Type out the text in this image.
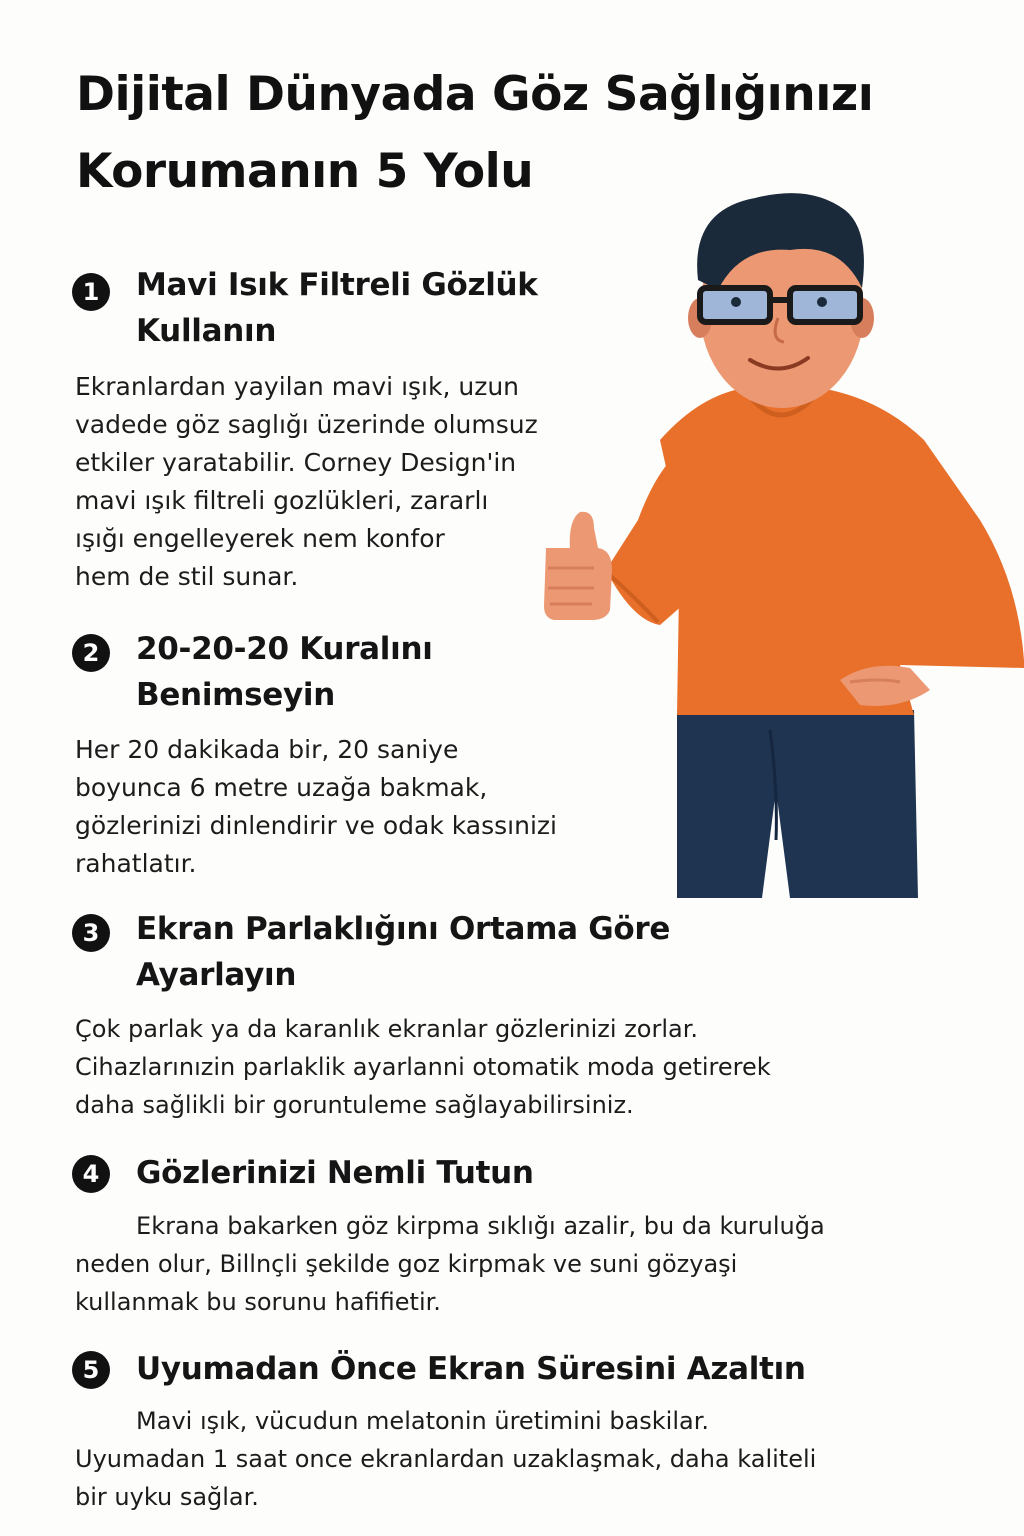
Dijital Dünyada Göz Sağlığınızı
Korumanın 5 Yolu
1	Mavi Isık Filtreli Gözlük
Kullanın

Ekranlardan yayilan mavi ışık, uzun
vadede göz saglığı üzerinde olumsuz
etkiler yaratabilir. Corney Design'in
mavi ışık filtreli gozlükleri, zararlı
ışığı engelleyerek nem konfor
hem de stil sunar.

2	20-20-20 Kuralını
Benimseyin

Her 20 dakikada bir, 20 saniye
boyunca 6 metre uzağa bakmak,
gözlerinizi dinlendirir ve odak kassınizi
rahatlatır.

3	Ekran Parlaklığını Ortama Göre
Ayarlayın

Çok parlak ya da karanlık ekranlar gözlerinizi zorlar.
Cihazlarınızin parlaklik ayarlanni otomatik moda getirerek
daha sağlikli bir goruntuleme sağlayabilirsiniz.

4	Gözlerinizi Nemli Tutun

Ekrana bakarken göz kirpma sıklığı azalir, bu da kuruluğa
neden olur, Billnçli şekilde goz kirpmak ve suni gözyaşi
kullanmak bu sorunu hafifietir.

5	Uyumadan Önce Ekran Süresini Azaltın

Mavi ışık, vücudun melatonin üretimini baskilar.
Uyumadan 1 saat once ekranlardan uzaklaşmak, daha kaliteli
bir uyku sağlar.
